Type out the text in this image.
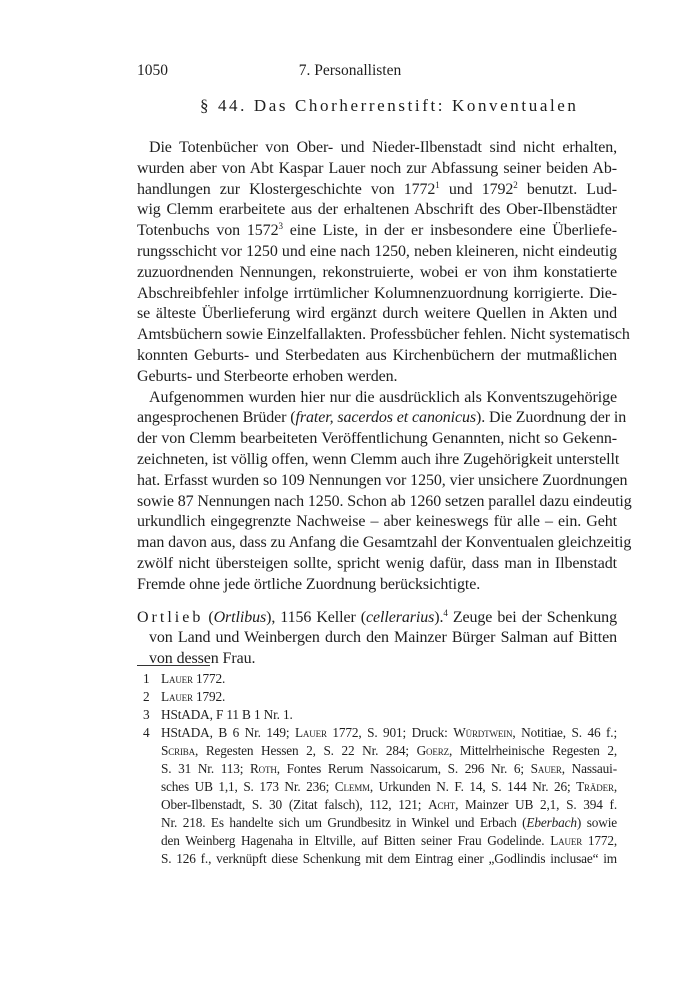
1050	7. Personallisten
§ 44. Das Chorherrenstift: Konventualen
Die Totenbücher von Ober- und Nieder-Ilbenstadt sind nicht erhalten,
wurden aber von Abt Kaspar Lauer noch zur Abfassung seiner beiden Ab-
handlungen zur Klostergeschichte von 1772$^1$ und 1792$^2$ benutzt. Lud-
wig Clemm erarbeitete aus der erhaltenen Abschrift des Ober-Ilbenstädter
Totenbuchs von 1572$^3$ eine Liste, in der er insbesondere eine Überliefe-
rungsschicht vor 1250 und eine nach 1250, neben kleineren, nicht eindeutig
zuzuordnenden Nennungen, rekonstruierte, wobei er von ihm konstatierte
Abschreibfehler infolge irrtümlicher Kolumnenzuordnung korrigierte. Die-
se älteste Überlieferung wird ergänzt durch weitere Quellen in Akten und
Amtsbüchern sowie Einzelfallakten. Professbücher fehlen. Nicht systematisch
konnten Geburts- und Sterbedaten aus Kirchenbüchern der mutmaßlichen
Geburts- und Sterbeorte erhoben werden.
Aufgenommen wurden hier nur die ausdrücklich als Konventszugehörige
angesprochenen Brüder (frater, sacerdos et canonicus). Die Zuordnung der in
der von Clemm bearbeiteten Veröffentlichung Genannten, nicht so Gekenn-
zeichneten, ist völlig offen, wenn Clemm auch ihre Zugehörigkeit unterstellt
hat. Erfasst wurden so 109 Nennungen vor 1250, vier unsichere Zuordnungen
sowie 87 Nennungen nach 1250. Schon ab 1260 setzen parallel dazu eindeutig
urkundlich eingegrenzte Nachweise – aber keineswegs für alle – ein. Geht
man davon aus, dass zu Anfang die Gesamtzahl der Konventualen gleichzeitig
zwölf nicht übersteigen sollte, spricht wenig dafür, dass man in Ilbenstadt
Fremde ohne jede örtliche Zuordnung berücksichtigte.
Ortlieb (Ortlibus), 1156 Keller (cellerarius).$^4$ Zeuge bei der Schenkung
von Land und Weinbergen durch den Mainzer Bürger Salman auf Bitten
von dessen Frau.
1 Lauer 1772.
2 Lauer 1792.
3 HStADA, F 11 B 1 Nr. 1.
4 HStADA, B 6 Nr. 149; Lauer 1772, S. 901; Druck: Würdtwein, Notitiae, S. 46 f.;
Scriba, Regesten Hessen 2, S. 22 Nr. 284; Goerz, Mittelrheinische Regesten 2,
S. 31 Nr. 113; Roth, Fontes Rerum Nassoicarum, S. 296 Nr. 6; Sauer, Nassaui-
sches UB 1,1, S. 173 Nr. 236; Clemm, Urkunden N. F. 14, S. 144 Nr. 26; Träder,
Ober-Ilbenstadt, S. 30 (Zitat falsch), 112, 121; Acht, Mainzer UB 2,1, S. 394 f.
Nr. 218. Es handelte sich um Grundbesitz in Winkel und Erbach (Eberbach) sowie
den Weinberg Hagenaha in Eltville, auf Bitten seiner Frau Godelinde. Lauer 1772,
S. 126 f., verknüpft diese Schenkung mit dem Eintrag einer „Godlindis inclusae“ im
